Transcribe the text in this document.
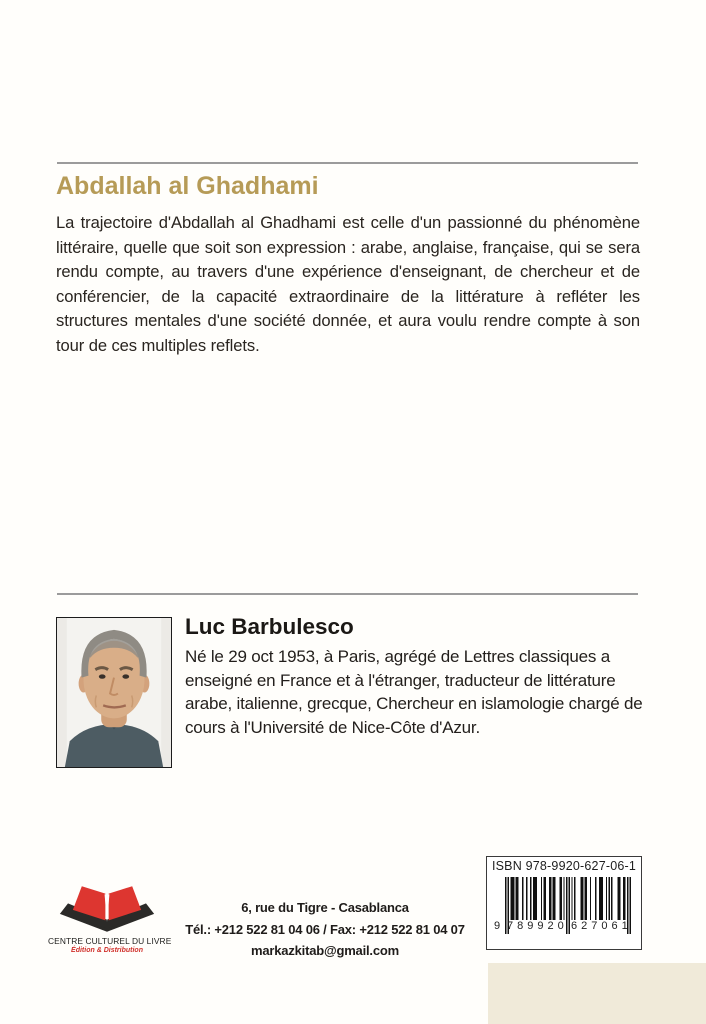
Abdallah al Ghadhami
La trajectoire d'Abdallah al Ghadhami est celle d'un passionné du phénomène littéraire, quelle que soit son expression : arabe, anglaise, française, qui se sera rendu compte, au travers d'une expérience d'enseignant, de chercheur et de conférencier, de la capacité extraordinaire de la littérature à refléter les structures mentales d'une société donnée, et aura voulu rendre compte à son tour de ces multiples reflets.
Luc Barbulesco
Né le 29 oct 1953, à Paris, agrégé de Lettres classiques a enseigné en France et à l'étranger, traducteur de littérature arabe, italienne, grecque, Chercheur en islamologie chargé de cours à l'Université de Nice-Côte d'Azur.
CENTRE CULTUREL DU LIVRE
Édition & Distribution
6, rue du Tigre - Casablanca
Tél.: +212 522 81 04 06 / Fax: +212 522 81 04 07
markazkitab@gmail.com
ISBN 978-9920-627-06-1
9 789920 627061
